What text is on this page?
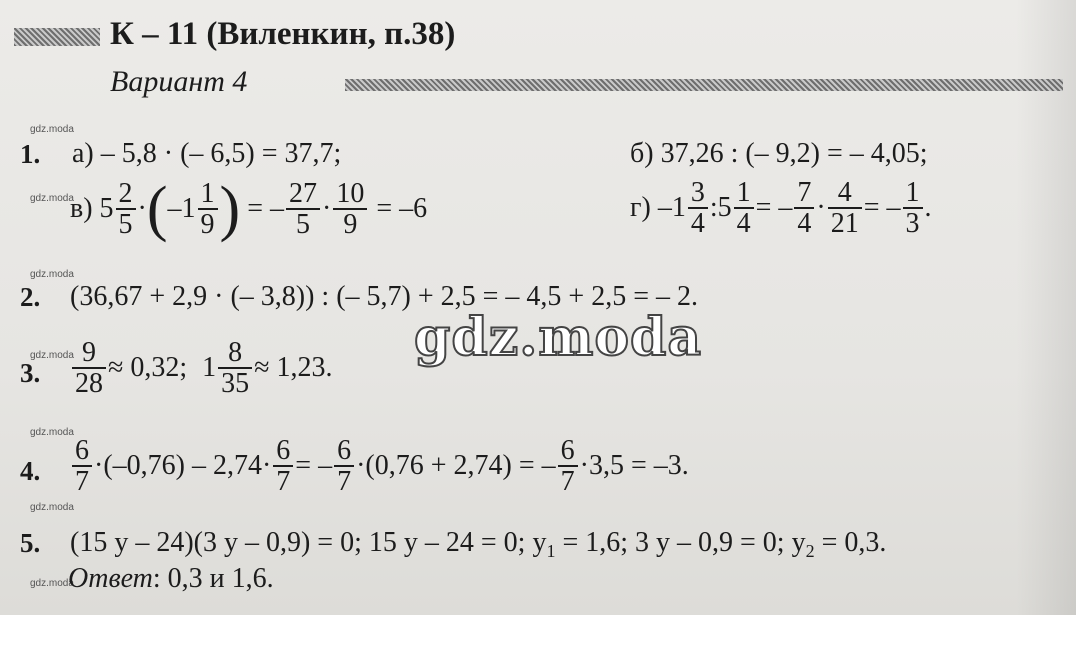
К – 11 (Виленкин, п.38)
Вариант 4
gdz.moda
gdz.moda
gdz.moda
gdz.moda
gdz.moda
gdz.moda
gdz.moda
gdz.moda
1. а) – 5,8 · (– 6,5) = 37,7;	б) 37,26 : (– 9,2) = – 4,05;
в) $5 \frac{2}{5} \cdot(-1 \frac{1}{9}$ ) = – $\frac{27}{5} \cdot \frac{10}{9} = -6$	г) $-1 \frac{3}{4}$ :5 $\frac{1}{4}$ = – $\frac{7}{4} \cdot \frac{4}{21}$ = – $\frac{1}{3}$ .
2. (36,67 + 2,9 · (– 3,8)) : (– 5,7) + 2,5 = – 4,5 + 2,5 = – 2.
3. $\frac{9}{28} \approx 0,32$; $1 \frac{8}{35} \approx 1,23$.
4. $\frac{6}{7} \cdot(-0,76) - 2,74\cdot \frac{6}{7}$ = – $\frac{6}{7} \cdot(0,76 + 2,74)$ = – $\frac{6}{7} \cdot 3,5 = -3$.
5. (15 y – 24)(3 y – 0,9) = 0; 15 y – 24 = 0; $y_1 = 1,6$; 3 y – 0,9 = 0; $y_2 = 0,3$.
Ответ: 0,3 и 1,6.
